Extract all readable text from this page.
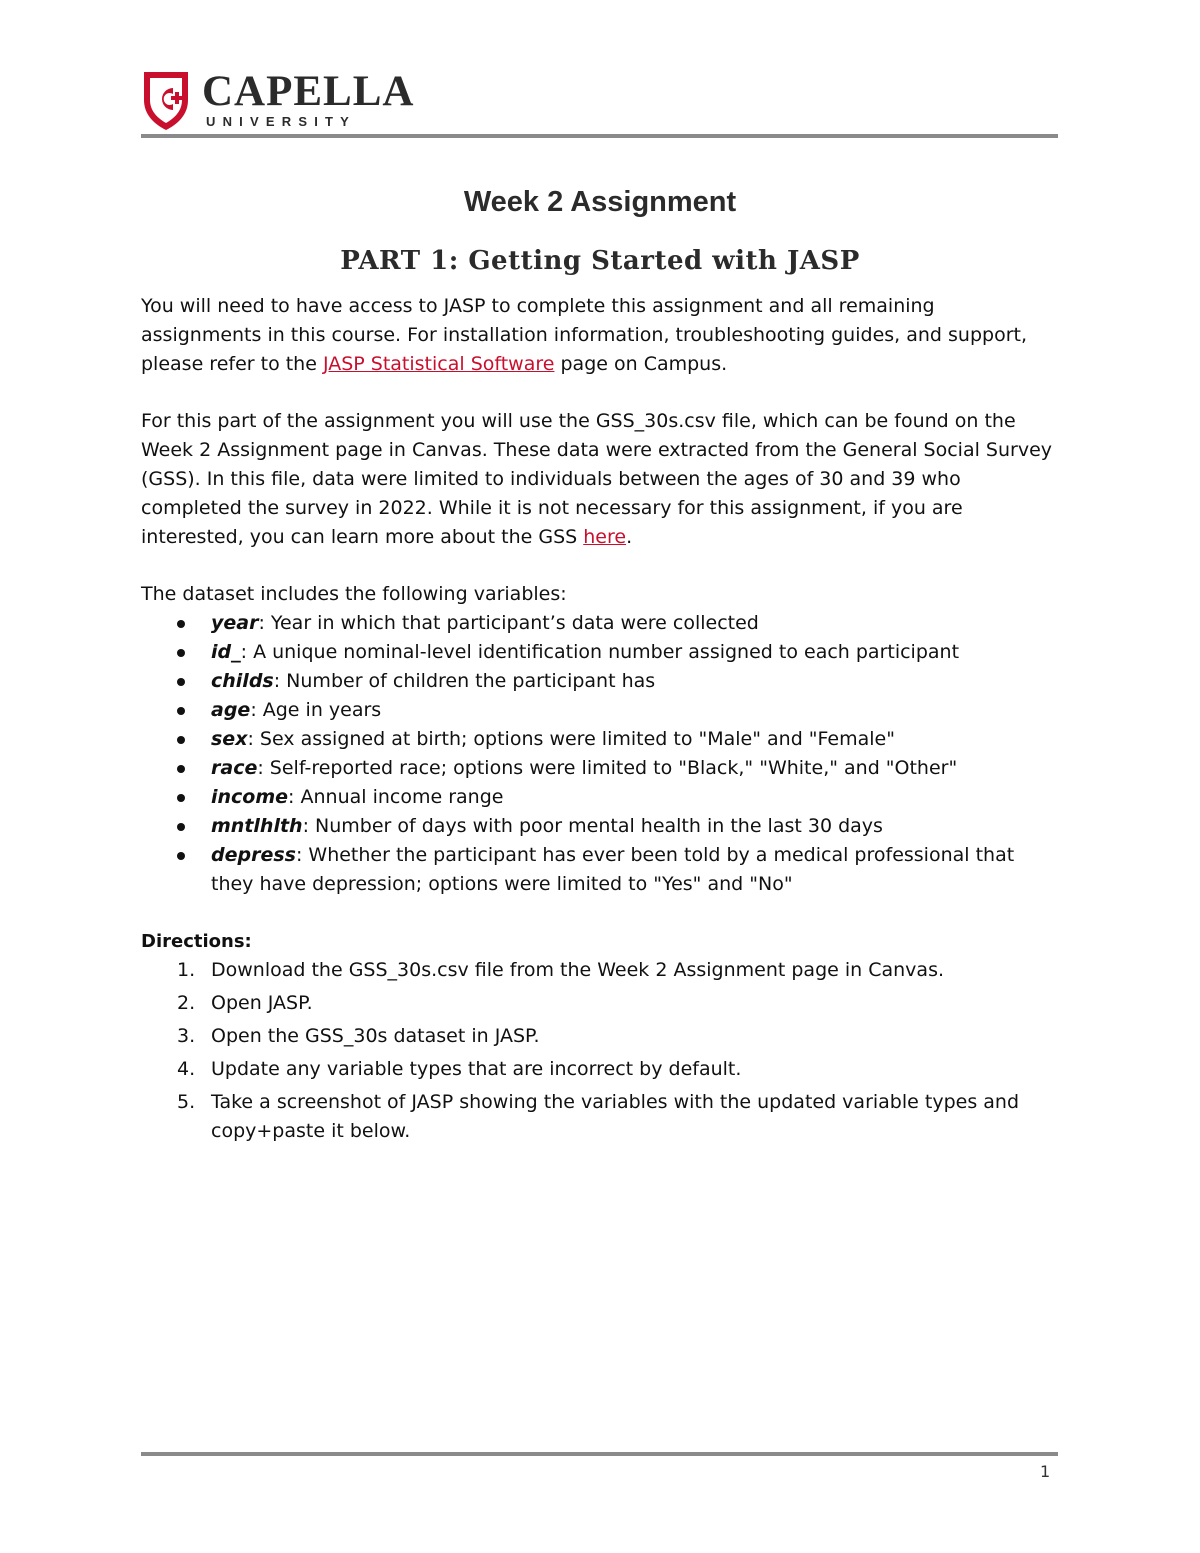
CAPELLA
UNIVERSITY
Week 2 Assignment
PART 1: Getting Started with JASP

You will need to have access to JASP to complete this assignment and all remaining assignments in this course. For installation information, troubleshooting guides, and support, please refer to the JASP Statistical Software page on Campus.

For this part of the assignment you will use the GSS_30s.csv file, which can be found on the Week 2 Assignment page in Canvas. These data were extracted from the General Social Survey (GSS). In this file, data were limited to individuals between the ages of 30 and 39 who completed the survey in 2022. While it is not necessary for this assignment, if you are interested, you can learn more about the GSS here.

The dataset includes the following variables:

year: Year in which that participant’s data were collected
id_: A unique nominal-level identification number assigned to each participant
childs: Number of children the participant has
age: Age in years
sex: Sex assigned at birth; options were limited to "Male" and "Female"
race: Self-reported race; options were limited to "Black," "White," and "Other"
income: Annual income range
mntlhlth: Number of days with poor mental health in the last 30 days
depress: Whether the participant has ever been told by a medical professional that they have depression; options were limited to "Yes" and "No"

Directions:

1. Download the GSS_30s.csv file from the Week 2 Assignment page in Canvas.
2. Open JASP.
3. Open the GSS_30s dataset in JASP.
4. Update any variable types that are incorrect by default.
5. Take a screenshot of JASP showing the variables with the updated variable types and copy+paste it below.
1
